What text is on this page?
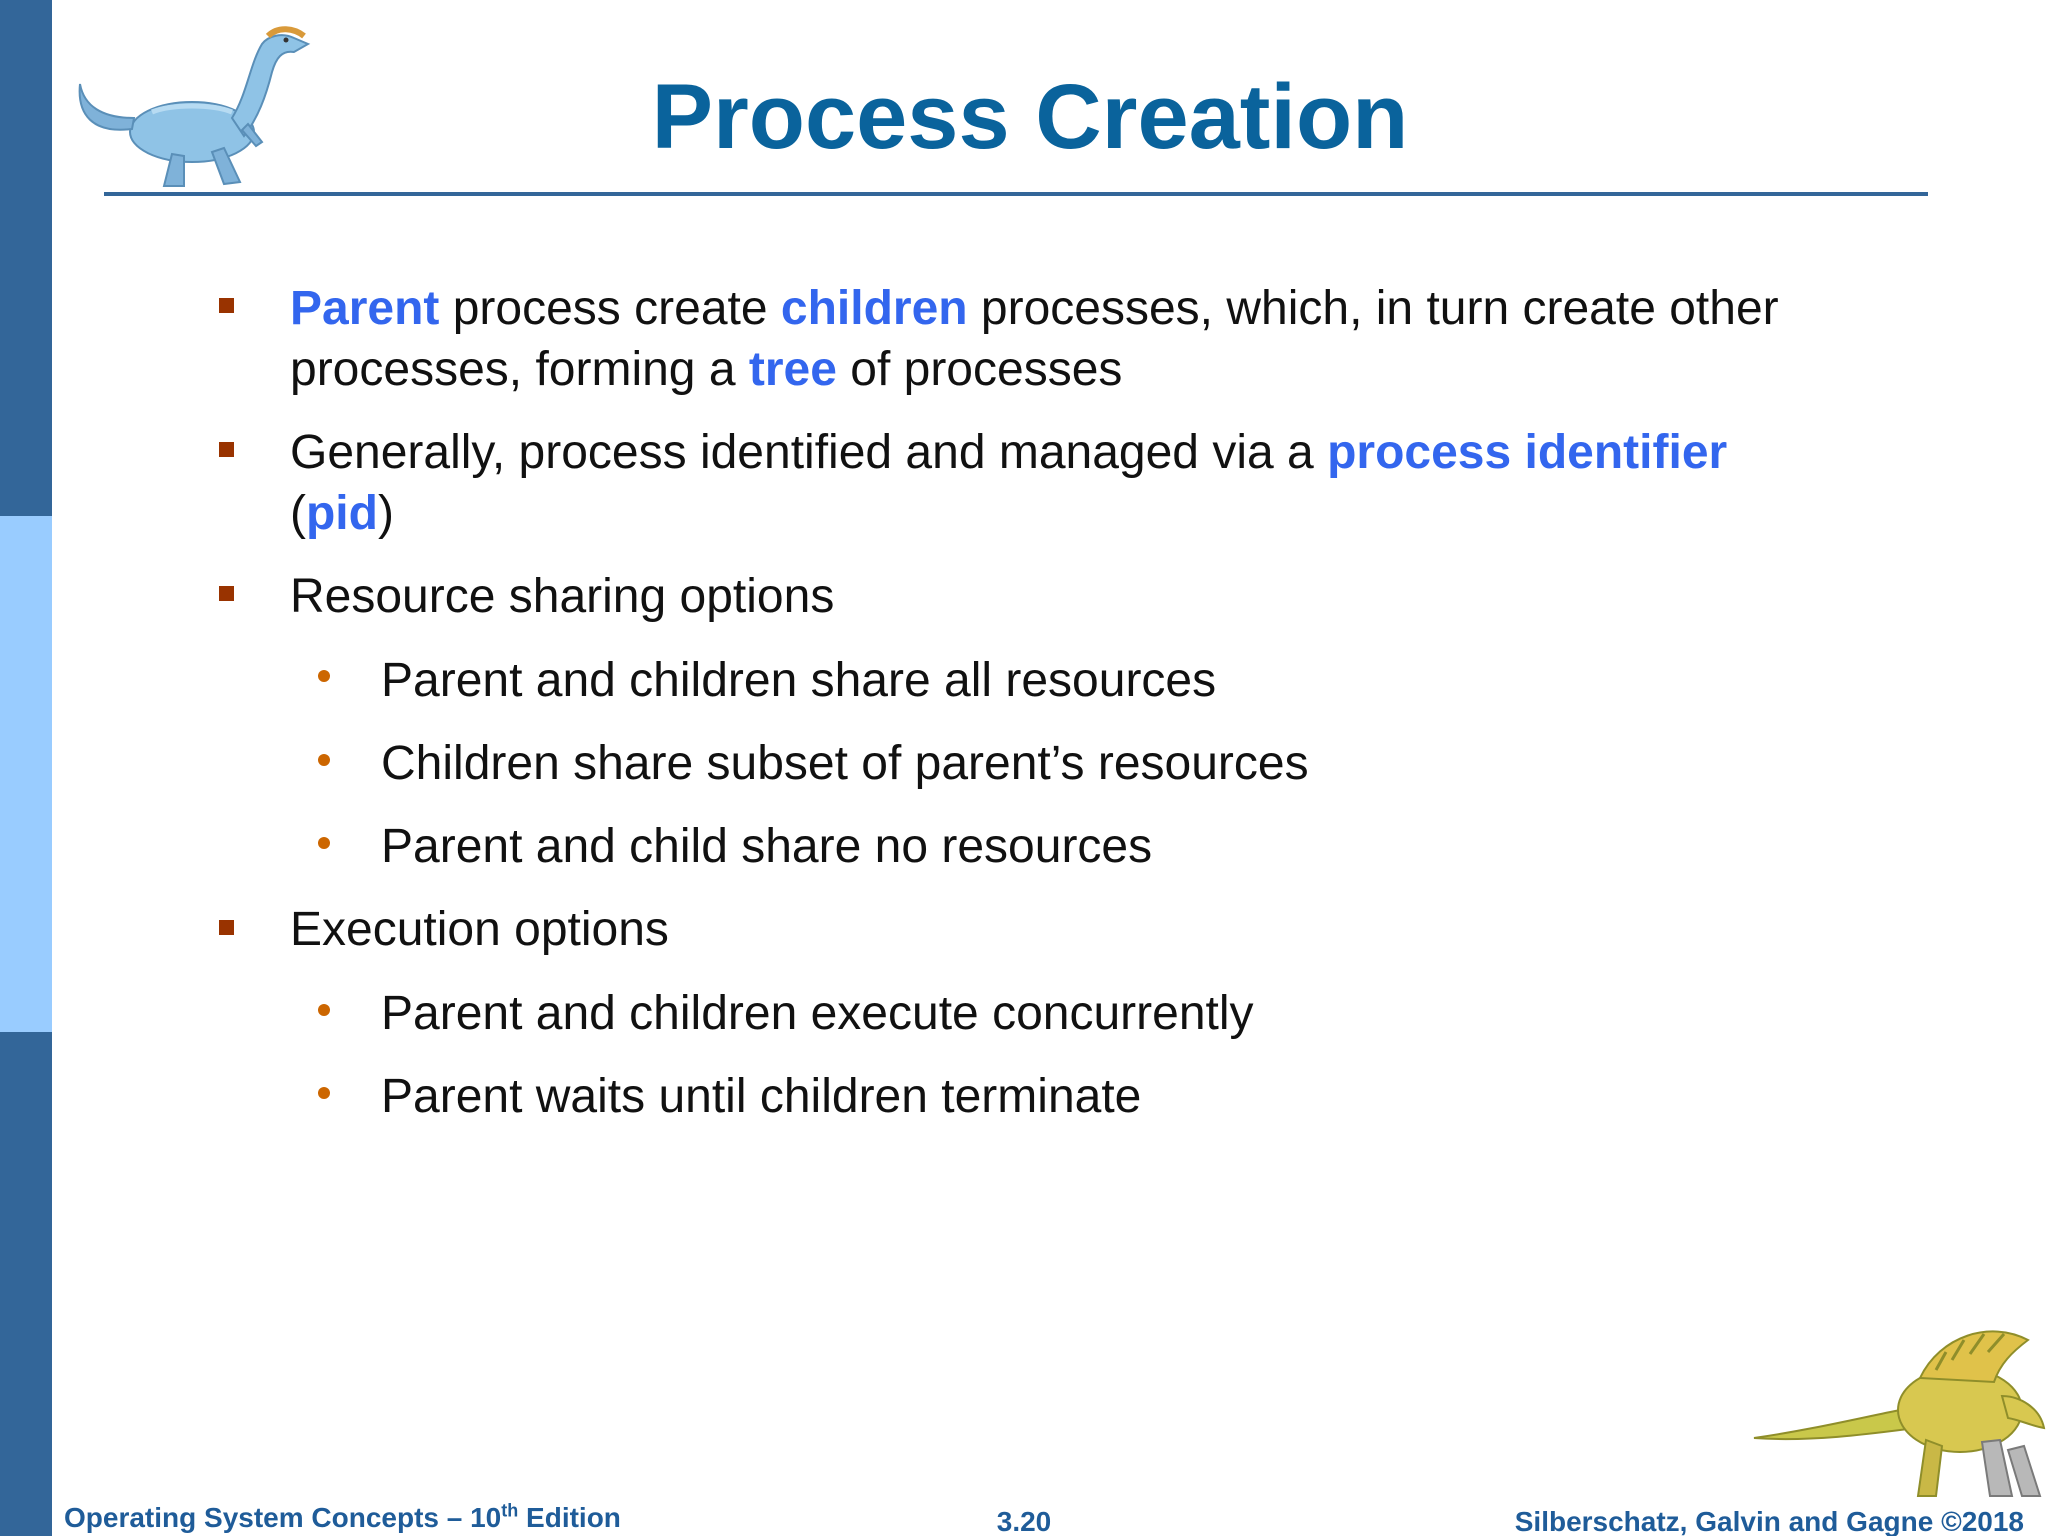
Process Creation
Parent process create children processes, which, in turn create other
processes, forming a tree of processes
Generally, process identified and managed via a process identifier
(pid)
Resource sharing options
Parent and children share all resources
Children share subset of parent’s resources
Parent and child share no resources
Execution options
Parent and children execute concurrently
Parent waits until children terminate
Operating System Concepts – 10th Edition	3.20	Silberschatz, Galvin and Gagne ©2018
